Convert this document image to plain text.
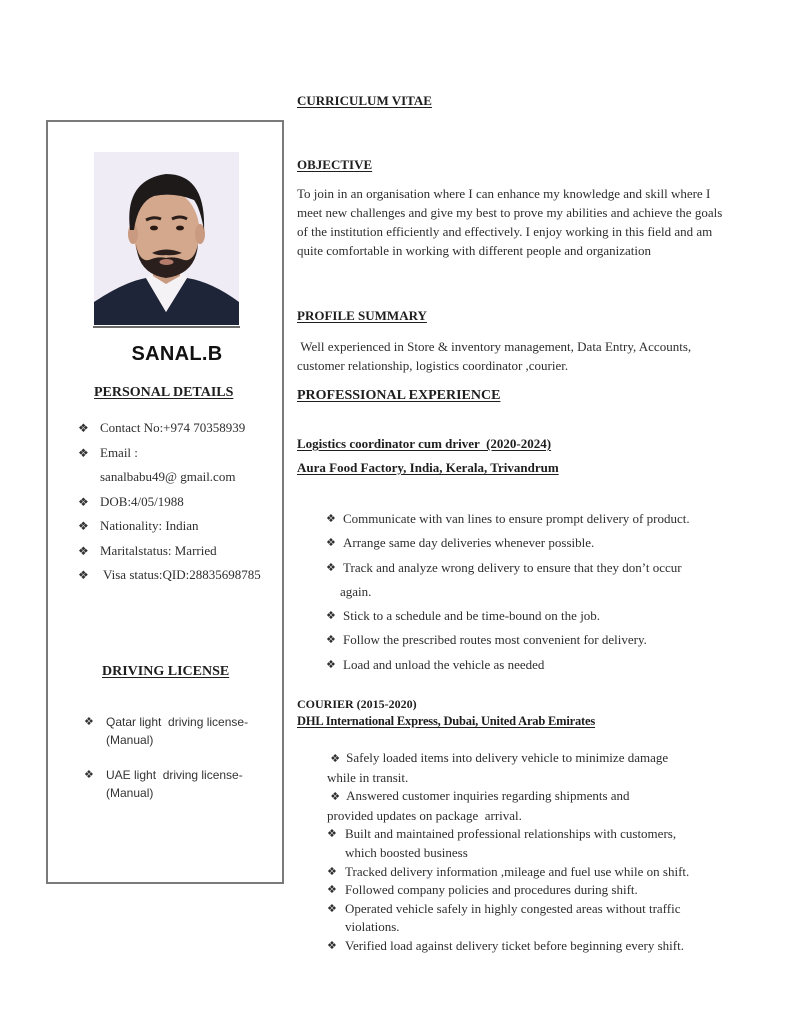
SANAL.B
PERSONAL DETAILS
❖ Contact No:+974 70358939
❖ Email :
sanalbabu49@ gmail.com
❖ DOB:4/05/1988
❖ Nationality: Indian
❖ Maritalstatus: Married
❖ Visa status:QID:28835698785
DRIVING LICENSE
❖ Qatar light  driving license-(Manual)
❖ UAE light  driving license-(Manual)
CURRICULUM VITAE
OBJECTIVE
To join in an organisation where I can enhance my knowledge and skill where I meet new challenges and give my best to prove my abilities and achieve the goals of the institution efficiently and effectively. I enjoy working in this field and am quite comfortable in working with different people and organization
PROFILE SUMMARY
Well experienced in Store & inventory management, Data Entry, Accounts, customer relationship, logistics coordinator ,courier.
PROFESSIONAL EXPERIENCE
Logistics coordinator cum driver  (2020-2024)
Aura Food Factory, India, Kerala, Trivandrum
❖ Communicate with van lines to ensure prompt delivery of product.
❖ Arrange same day deliveries whenever possible.
❖ Track and analyze wrong delivery to ensure that they don’t occur
again.
❖ Stick to a schedule and be time-bound on the job.
❖ Follow the prescribed routes most convenient for delivery.
❖ Load and unload the vehicle as needed
COURIER (2015-2020)
DHL International Express, Dubai, United Arab Emirates
❖ Safely loaded items into delivery vehicle to minimize damage
while in transit.
❖ Answered customer inquiries regarding shipments and
provided updates on package  arrival.
❖ Built and maintained professional relationships with customers,
which boosted business
❖ Tracked delivery information ,mileage and fuel use while on shift.
❖ Followed company policies and procedures during shift.
❖ Operated vehicle safely in highly congested areas without traffic
violations.
❖ Verified load against delivery ticket before beginning every shift.
